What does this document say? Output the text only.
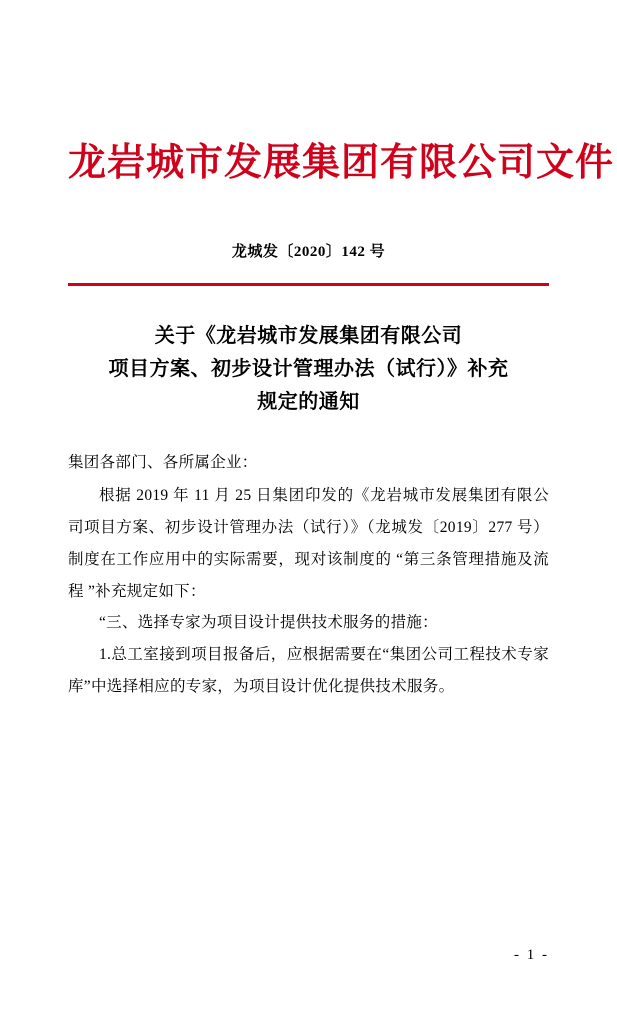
龙岩城市发展集团有限公司文件
龙城发〔2020〕142 号
关于《龙岩城市发展集团有限公司
项目方案、初步设计管理办法（试行）》补充
规定的通知

集团各部门、各所属企业：

根据 2019 年 11 月 25 日集团印发的《龙岩城市发展集团有限公司项目方案、初步设计管理办法（试行）》（龙城发〔2019〕277 号）制度在工作应用中的实际需要，现对该制度的 “第三条管理措施及流程 ”补充规定如下：

“三、选择专家为项目设计提供技术服务的措施：

1.总工室接到项目报备后，应根据需要在“集团公司工程技术专家库”中选择相应的专家，为项目设计优化提供技术服务。

- 1 -
